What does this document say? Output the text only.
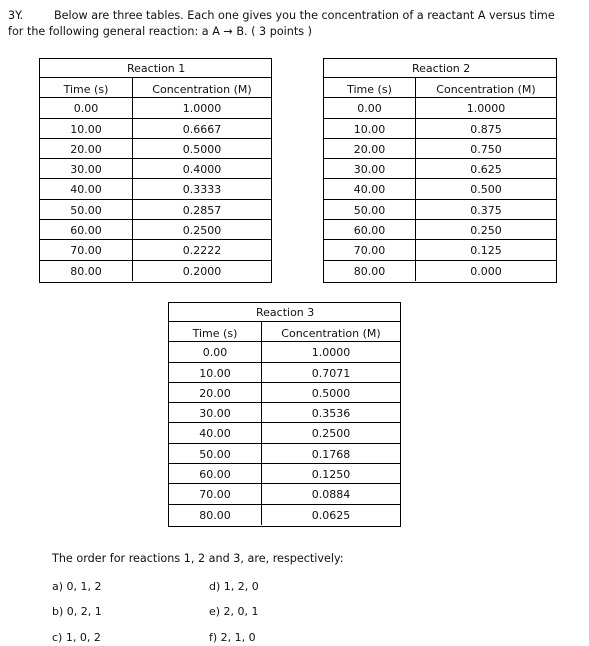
3Y.	Below are three tables. Each one gives you the concentration of a reactant A versus time
for the following general reaction: a A → B. ( 3 points )
Reaction 1
Time (s)	Concentration (M)
0.00	1.0000
10.00	0.6667
20.00	0.5000
30.00	0.4000
40.00	0.3333
50.00	0.2857
60.00	0.2500
70.00	0.2222
80.00	0.2000
Reaction 2
Time (s)	Concentration (M)
0.00	1.0000
10.00	0.875
20.00	0.750
30.00	0.625
40.00	0.500
50.00	0.375
60.00	0.250
70.00	0.125
80.00	0.000
Reaction 3
Time (s)	Concentration (M)
0.00	1.0000
10.00	0.7071
20.00	0.5000
30.00	0.3536
40.00	0.2500
50.00	0.1768
60.00	0.1250
70.00	0.0884
80.00	0.0625
The order for reactions 1, 2 and 3, are, respectively:
a) 0, 1, 2
b) 0, 2, 1
c) 1, 0, 2
d) 1, 2, 0
e) 2, 0, 1
f) 2, 1, 0
